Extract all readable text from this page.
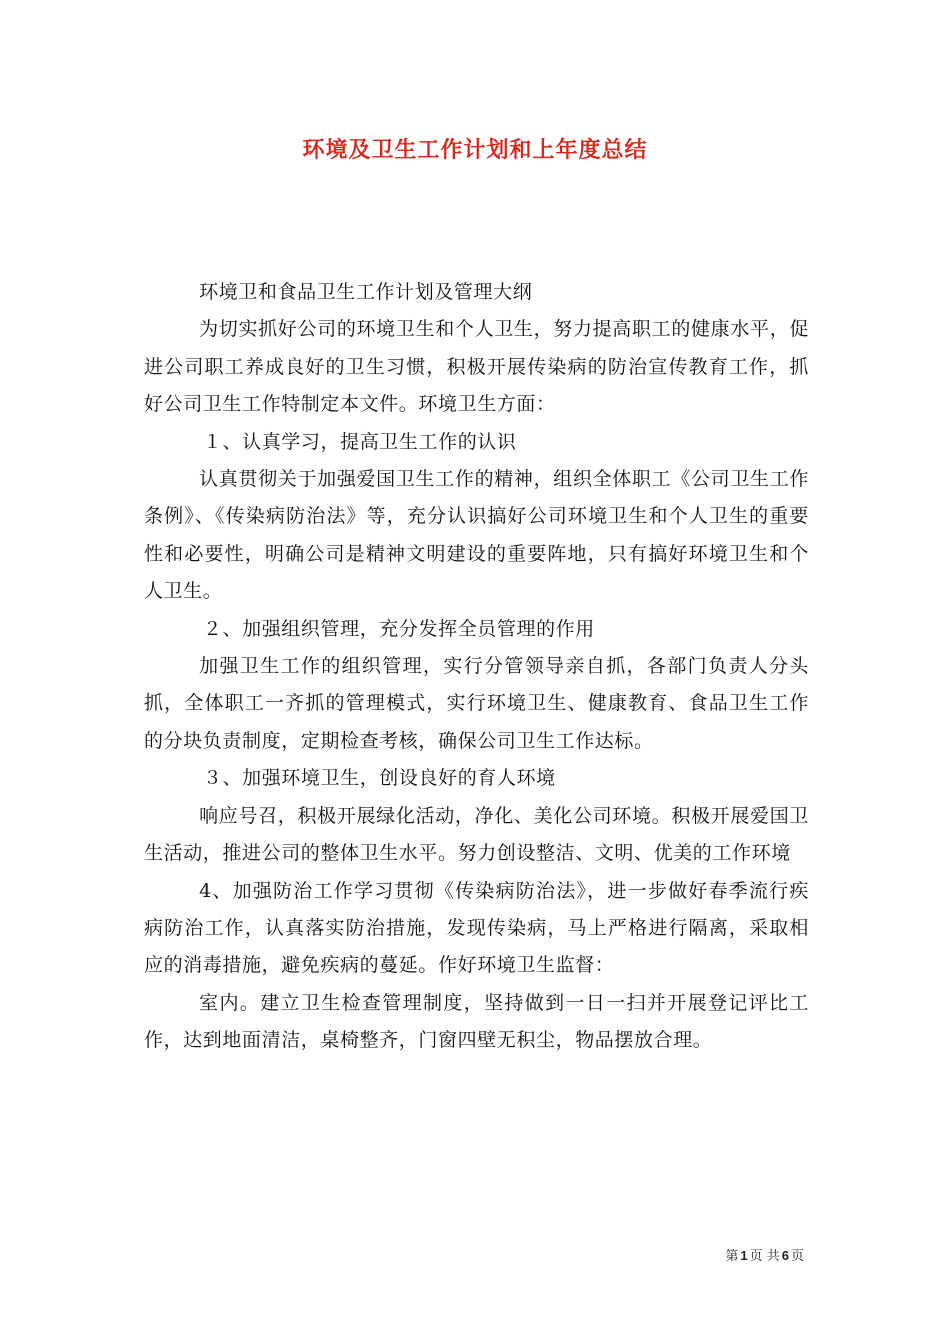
环境及卫生工作计划和上年度总结

环境卫和食品卫生工作计划及管理大纲

为切实抓好公司的环境卫生和个人卫生，努力提高职工的健康水平，促进公司职工养成良好的卫生习惯，积极开展传染病的防治宣传教育工作，抓好公司卫生工作特制定本文件。环境卫生方面：

１、认真学习，提高卫生工作的认识

认真贯彻关于加强爱国卫生工作的精神，组织全体职工《公司卫生工作条例》、《传染病防治法》等，充分认识搞好公司环境卫生和个人卫生的重要性和必要性，明确公司是精神文明建设的重要阵地，只有搞好环境卫生和个人卫生。

２、加强组织管理，充分发挥全员管理的作用

加强卫生工作的组织管理，实行分管领导亲自抓，各部门负责人分头抓，全体职工一齐抓的管理模式，实行环境卫生、健康教育、食品卫生工作的分块负责制度，定期检查考核，确保公司卫生工作达标。

３、加强环境卫生，创设良好的育人环境

响应号召，积极开展绿化活动，净化、美化公司环境。积极开展爱国卫生活动，推进公司的整体卫生水平。努力创设整洁、文明、优美的工作环境

4、加强防治工作学习贯彻《传染病防治法》，进一步做好春季流行疾病防治工作，认真落实防治措施，发现传染病，马上严格进行隔离，采取相应的消毒措施，避免疾病的蔓延。作好环境卫生监督：

室内。建立卫生检查管理制度，坚持做到一日一扫并开展登记评比工作，达到地面清洁，桌椅整齐，门窗四壁无积尘，物品摆放合理。

第 1 页 共 6 页
